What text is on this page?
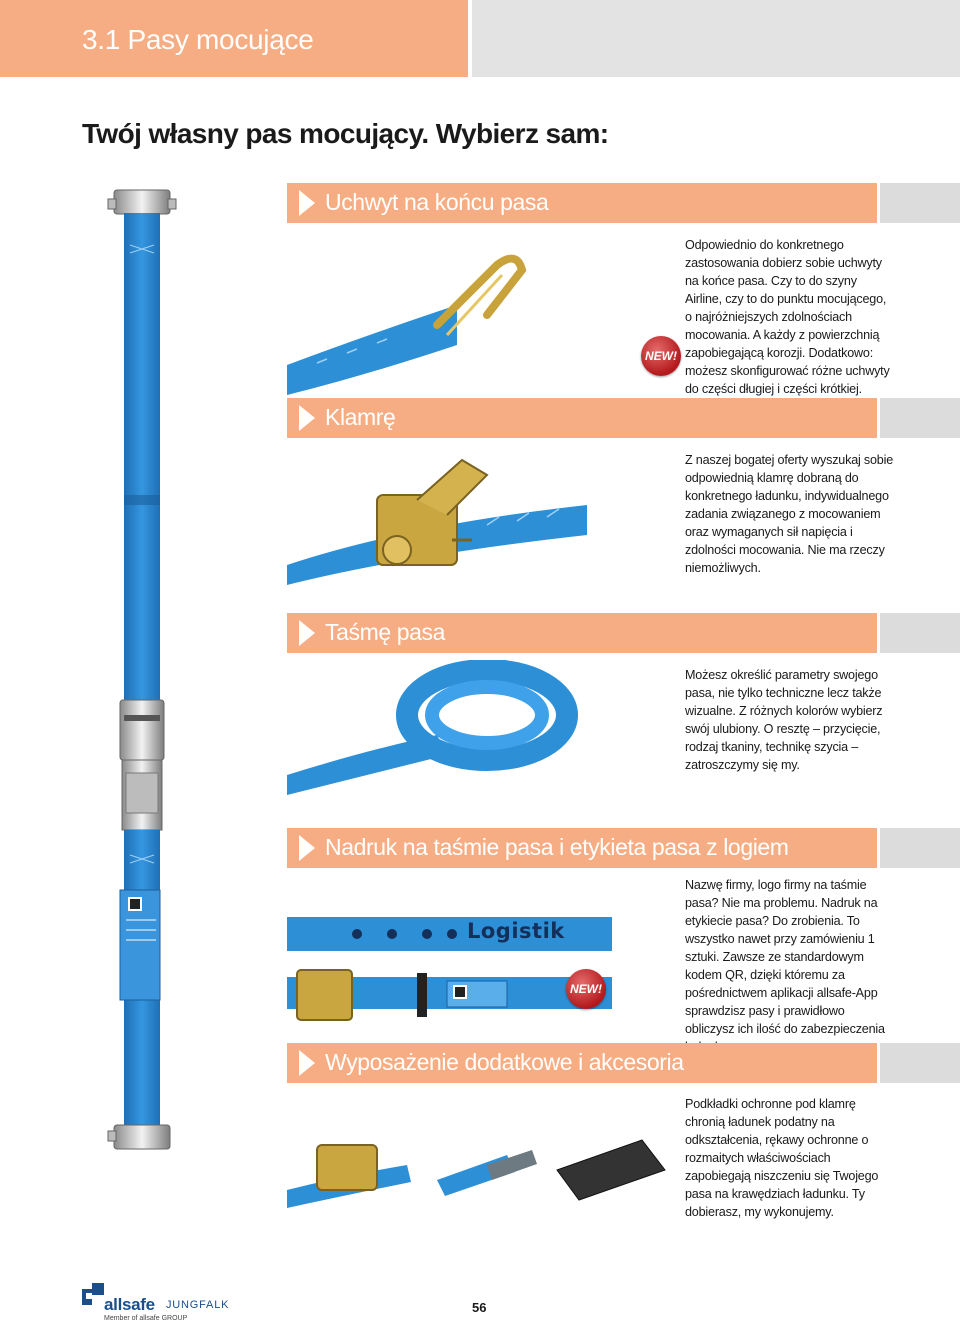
3.1 Pasy mocujące
Twój własny pas mocujący. Wybierz sam:
Uchwyt na końcu pasa
NEW!
Odpowiednio do konkretnego zastosowania dobierz sobie uchwyty na końce pasa. Czy to do szyny Airline, czy to do punktu mocującego, o najróżniejszych zdolnościach mocowania. A każdy z powierzchnią zapobiegającą korozji. Dodatkowo: możesz skonfigurować różne uchwyty do części długiej i części krótkiej.
Klamrę
Z naszej bogatej oferty wyszukaj sobie odpowiednią klamrę dobraną do konkretnego ładunku, indywidualnego zadania związanego z mocowaniem oraz wymaganych sił napięcia i zdolności mocowania. Nie ma rzeczy niemożliwych.
Taśmę pasa
Możesz określić parametry swojego pasa, nie tylko techniczne lecz także wizualne. Z różnych kolorów wybierz swój ulubiony. O resztę – przycięcie, rodzaj tkaniny, technikę szycia – zatroszczymy się my.
Nadruk na taśmie pasa i etykieta pasa z logiem
Logistik
NEW!
Nazwę firmy, logo firmy na taśmie pasa? Nie ma problemu. Nadruk na etykiecie pasa? Do zrobienia. To wszystko nawet przy zamówieniu 1 sztuki. Zawsze ze standardowym kodem QR, dzięki któremu za pośrednictwem aplikacji allsafe-App sprawdzisz pasy i prawidłowo obliczysz ich ilość do zabezpieczenia
Wyposażenie dodatkowe i akcesoria
Podkładki ochronne pod klamrę chronią ładunek podatny na odkształcenia, rękawy ochronne o rozmaitych właściwościach zapobiegają niszczeniu się Twojego pasa na krawędziach ładunku. Ty dobierasz, my wykonujemy.
allsafe JUNGFALK
Member of allsafe GROUP
56
